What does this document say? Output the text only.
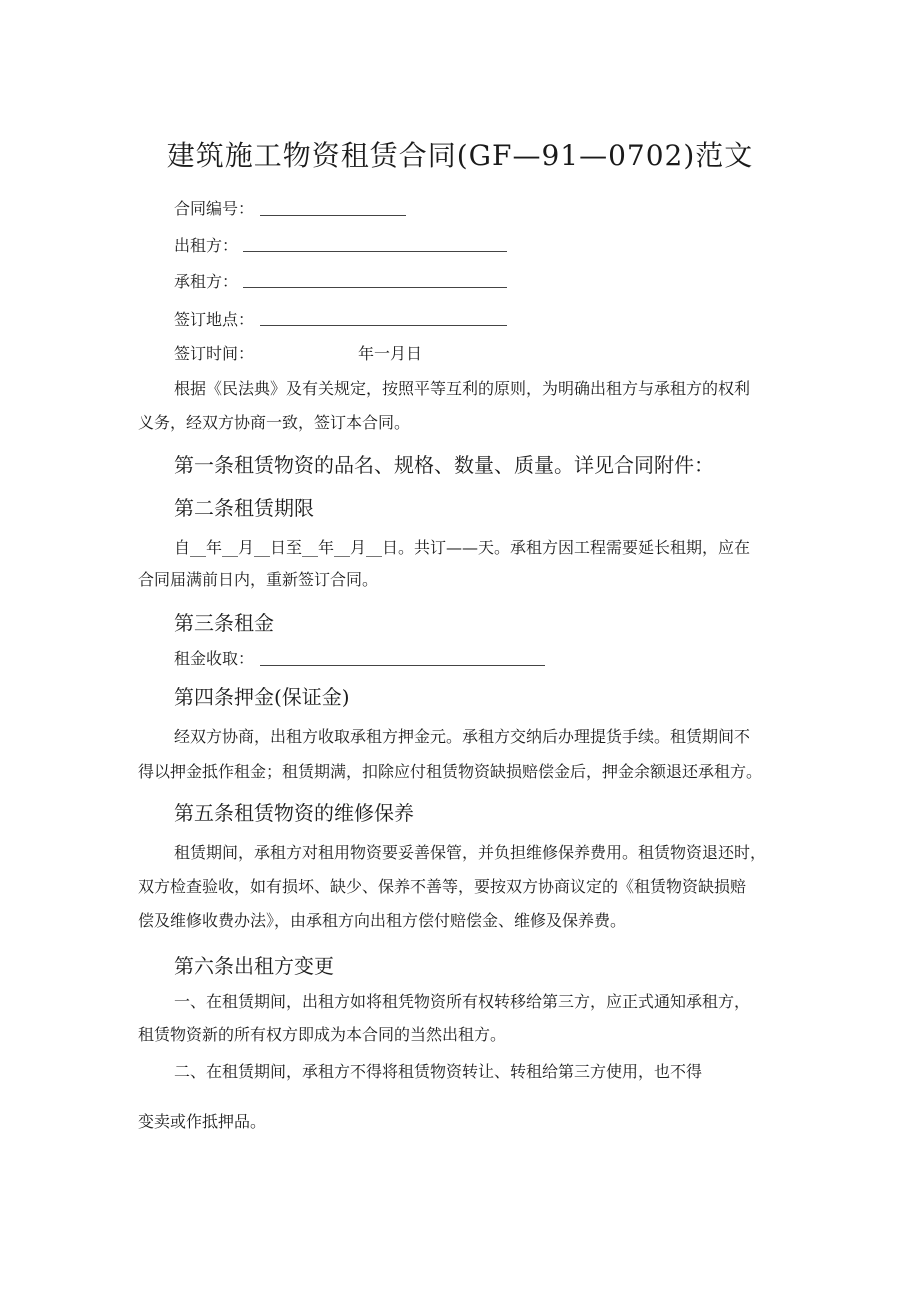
建筑施工物资租赁合同(GF—91—0702)范文
合同编号：
出租方：
承租方：
签订地点：
签订时间：	年一月日
根据《民法典》及有关规定，按照平等互利的原则，为明确出租方与承租方的权利
义务，经双方协商一致，签订本合同。
第一条租赁物资的品名、规格、数量、质量。详见合同附件：
第二条租赁期限
自__年__月__日至__年__月__日。共订——天。承租方因工程需要延长租期，应在
合同届满前日内，重新签订合同。
第三条租金
租金收取：
第四条押金(保证金)
经双方协商，出租方收取承租方押金元。承租方交纳后办理提货手续。租赁期间不
得以押金抵作租金；租赁期满，扣除应付租赁物资缺损赔偿金后，押金余额退还承租方。
第五条租赁物资的维修保养
租赁期间，承租方对租用物资要妥善保管，并负担维修保养费用。租赁物资退还时，
双方检查验收，如有损坏、缺少、保养不善等，要按双方协商议定的《租赁物资缺损赔
偿及维修收费办法》，由承租方向出租方偿付赔偿金、维修及保养费。
第六条出租方变更
一、在租赁期间，出租方如将租凭物资所有权转移给第三方，应正式通知承租方，
租赁物资新的所有权方即成为本合同的当然出租方。
二、在租赁期间，承租方不得将租赁物资转让、转租给第三方使用，也不得
变卖或作抵押品。
